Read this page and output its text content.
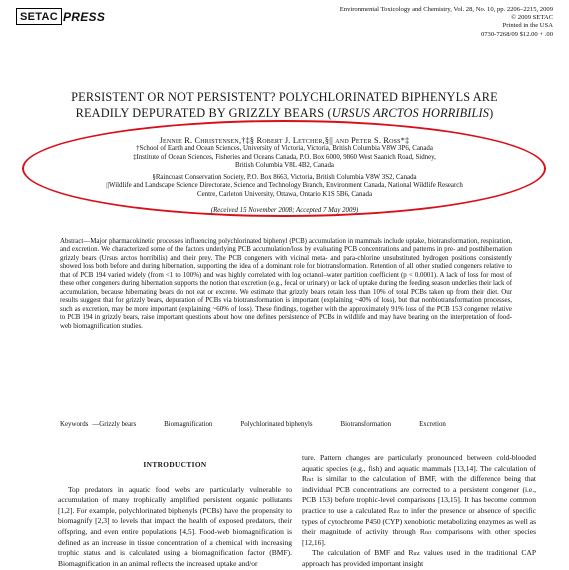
SETAC PRESS	Environmental Toxicology and Chemistry, Vol. 28, No. 10, pp. 2206–2215, 2009
© 2009 SETAC
Printed in the USA
0730-7268/09 $12.00 + .00
PERSISTENT OR NOT PERSISTENT? POLYCHLORINATED BIPHENYLS ARE
READILY DEPURATED BY GRIZZLY BEARS (URSUS ARCTOS HORRIBILIS)
Jennie R. Christensen,†‡§ Robert J. Letcher,§|| and Peter S. Ross*‡
†School of Earth and Ocean Sciences, University of Victoria, Victoria, British Columbia V8W 3P6, Canada
‡Institute of Ocean Sciences, Fisheries and Oceans Canada, P.O. Box 6000, 9860 West Saanich Road, Sidney,
British Columbia V8L 4B2, Canada
§Raincoast Conservation Society, P.O. Box 8663, Victoria, British Columbia V8W 3S2, Canada
||Wildlife and Landscape Science Directorate, Science and Technology Branch, Environment Canada, National Wildlife Research
Centre, Carleton University, Ottawa, Ontario K1S 5B6, Canada
(Received 15 November 2008; Accepted 7 May 2009)
Abstract—Major pharmacokinetic processes influencing polychlorinated biphenyl (PCB) accumulation in mammals include uptake, biotransformation, respiration, and excretion. We characterized some of the factors underlying PCB accumulation/loss by evaluating PCB concentrations and patterns in pre- and posthibernation grizzly bears (Ursus arctos horribilis) and their prey. The PCB congeners with vicinal meta- and para-chlorine unsubstituted hydrogen positions consistently showed loss both before and during hibernation, supporting the idea of a dominant role for biotransformation. Retention of all other studied congeners relative to that of PCB 194 varied widely (from <1 to 100%) and was highly correlated with log octanol–water partition coefficient (p < 0.0001). A lack of loss for most of these other congeners during hibernation supports the notion that excretion (e.g., fecal or urinary) or lack of uptake during the feeding season underlies their lack of accumulation, because hibernating bears do not eat or excrete. We estimate that grizzly bears retain less than 10% of total PCBs taken up from their diet. Our results suggest that for grizzly bears, depuration of PCBs via biotransformation is important (explaining ~40% of loss), but that nonbiotransformation processes, such as excretion, may be more important (explaining ~60% of loss). These findings, together with the approximately 91% loss of the PCB 153 congener relative to PCB 194 in grizzly bears, raise important questions about how one defines persistence of PCBs in wildlife and may have bearing on the interpretation of food-web biomagnification studies.
Keywords —Grizzly bears	Biomagnification	Polychlorinated biphenyls	Biotransformation	Excretion
INTRODUCTION

Top predators in aquatic food webs are particularly vulnerable to accumulation of many trophically amplified persistent organic pollutants [1,2]. For example, polychlorinated biphenyls (PCBs) have the propensity to biomagnify [2,3] to levels that impact the health of exposed predators, their offspring, and even entire populations [4,5]. Food-web biomagnification is defined as an increase in tissue concentration of a chemical with increasing trophic status and is calculated using a biomagnification factor (BMF). Biomagnification in an animal reflects the increased uptake and/or

ture. Pattern changes are particularly pronounced between cold-blooded aquatic species (e.g., fish) and aquatic mammals [13,14]. The calculation of Rₘₜ is similar to the calculation of BMF, with the difference being that individual PCB concentrations are corrected to a persistent congener (i.e., PCB 153) before trophic-level comparisons [13,15]. It has become common practice to use a calculated Rₘₜ to infer the presence or absence of specific types of cytochrome P450 (CYP) xenobiotic metabolizing enzymes as well as their magnitude of activity through Rₘₜ comparisons with other species [12,16].

The calculation of BMF and Rₘₜ values used in the traditional CAP approach has provided important insight
